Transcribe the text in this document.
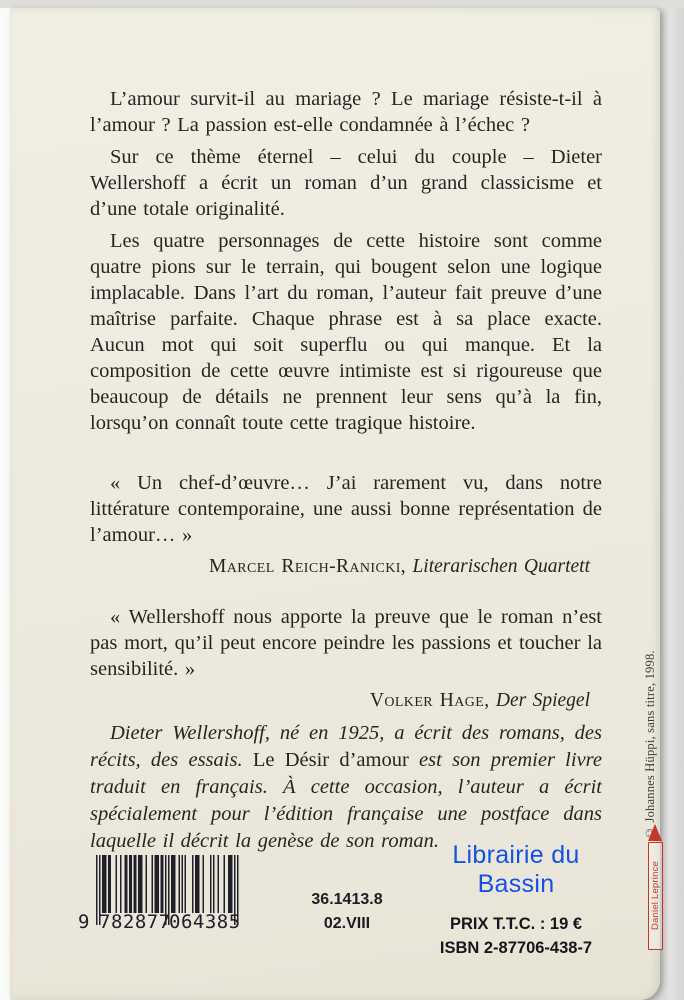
L’amour survit-il au mariage ? Le mariage résiste-t-il à l’amour ? La passion est-elle condamnée à l’échec ?

Sur ce thème éternel – celui du couple – Dieter Wellershoff a écrit un roman d’un grand classicisme et d’une totale originalité.

Les quatre personnages de cette histoire sont comme quatre pions sur le terrain, qui bougent selon une logique implacable. Dans l’art du roman, l’auteur fait preuve d’une maîtrise parfaite. Chaque phrase est à sa place exacte. Aucun mot qui soit superflu ou qui manque. Et la composition de cette œuvre intimiste est si rigoureuse que beaucoup de détails ne prennent leur sens qu’à la fin, lorsqu’on connaît toute cette tragique histoire.

« Un chef-d’œuvre… J’ai rarement vu, dans notre littérature contemporaine, une aussi bonne représentation de l’amour… »

Marcel Reich-Ranicki, Literarischen Quartett

« Wellershoff nous apporte la preuve que le roman n’est pas mort, qu’il peut encore peindre les passions et toucher la sensibilité. »

Volker Hage, Der Spiegel

Dieter Wellershoff, né en 1925, a écrit des romans, des récits, des essais. Le Désir d’amour est son premier livre traduit en français. À cette occasion, l’auteur a écrit spécialement pour l’édition française une postface dans laquelle il décrit la genèse de son roman.

© Johannes Hüppi, sans titre, 1998.
Daniel Leprince
9 782877
064385
36.1413.8
02.VIII
Librairie du Bassin
PRIX T.T.C. : 19 €
ISBN 2-87706-438-7
